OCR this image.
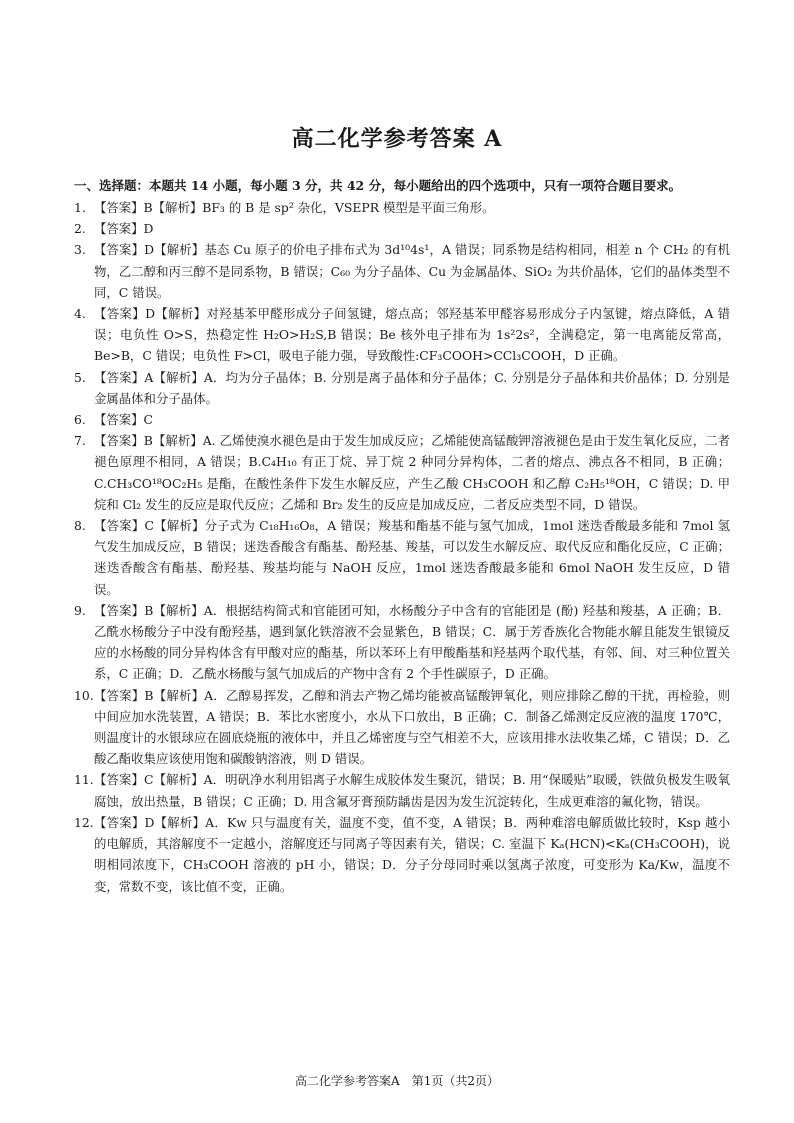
高二化学参考答案 A
一、选择题：本题共 14 小题，每小题 3 分，共 42 分，每小题给出的四个选项中，只有一项符合题目要求。
1. 【答案】B【解析】BF₃ 的 B 是 sp² 杂化，VSEPR 模型是平面三角形。
2. 【答案】D
3. 【答案】D【解析】基态 Cu 原子的价电子排布式为 3d¹⁰4s¹，A 错误；同系物是结构相同，相差 n 个 CH₂ 的有机物，乙二醇和丙三醇不是同系物，B 错误；C₆₀ 为分子晶体、Cu 为金属晶体、SiO₂ 为共价晶体，它们的晶体类型不同，C 错误。
4. 【答案】D【解析】对羟基苯甲醛形成分子间氢键，熔点高；邻羟基苯甲醛容易形成分子内氢键，熔点降低，A 错误；电负性 O>S，热稳定性 H₂O>H₂S,B 错误；Be 核外电子排布为 1s²2s²，全满稳定，第一电离能反常高，Be>B，C 错误；电负性 F>Cl，吸电子能力强，导致酸性:CF₃COOH>CCl₃COOH，D 正确。
5. 【答案】A【解析】A．均为分子晶体；B. 分别是离子晶体和分子晶体；C. 分别是分子晶体和共价晶体；D. 分别是金属晶体和分子晶体。
6. 【答案】C
7. 【答案】B【解析】A. 乙烯使溴水褪色是由于发生加成反应；乙烯能使高锰酸钾溶液褪色是由于发生氧化反应，二者褪色原理不相同，A 错误；B.C₄H₁₀ 有正丁烷、异丁烷 2 种同分异构体，二者的熔点、沸点各不相同，B 正确；C.CH₃CO¹⁸OC₂H₅ 是酯，在酸性条件下发生水解反应，产生乙酸 CH₃COOH 和乙醇 C₂H₅¹⁸OH，C 错误；D. 甲烷和 Cl₂ 发生的反应是取代反应；乙烯和 Br₂ 发生的反应是加成反应，二者反应类型不同，D 错误。
8. 【答案】C【解析】分子式为 C₁₈H₁₆O₈，A 错误；羧基和酯基不能与氢气加成，1mol 迷迭香酸最多能和 7mol 氢气发生加成反应，B 错误；迷迭香酸含有酯基、酚羟基、羧基，可以发生水解反应、取代反应和酯化反应，C 正确；迷迭香酸含有酯基、酚羟基、羧基均能与 NaOH 反应，1mol 迷迭香酸最多能和 6mol NaOH 发生反应，D 错误。
9. 【答案】B【解析】A．根据结构简式和官能团可知，水杨酸分子中含有的官能团是 (酚) 羟基和羧基，A 正确；B．乙酰水杨酸分子中没有酚羟基，遇到氯化铁溶液不会显紫色，B 错误；C．属于芳香族化合物能水解且能发生银镜反应的水杨酸的同分异构体含有甲酸对应的酯基，所以苯环上有甲酸酯基和羟基两个取代基，有邻、间、对三种位置关系，C 正确；D．乙酰水杨酸与氢气加成后的产物中含有 2 个手性碳原子，D 正确。
10. 【答案】B【解析】A．乙醇易挥发，乙醇和消去产物乙烯均能被高锰酸钾氧化，则应排除乙醇的干扰，再检验，则中间应加水洗装置，A 错误；B．苯比水密度小，水从下口放出，B 正确；C．制备乙烯测定反应液的温度 170℃，则温度计的水银球应在圆底烧瓶的液体中，并且乙烯密度与空气相差不大，应该用排水法收集乙烯，C 错误；D．乙酸乙酯收集应该使用饱和碳酸钠溶液，则 D 错误。
11. 【答案】C【解析】A．明矾净水利用铝离子水解生成胶体发生聚沉，错误；B. 用“保暖贴”取暖，铁做负极发生吸氧腐蚀，放出热量，B 错误；C 正确；D. 用含氟牙膏预防龋齿是因为发生沉淀转化，生成更难溶的氟化物，错误。
12. 【答案】D【解析】A．Kw 只与温度有关，温度不变，值不变，A 错误；B．两种难溶电解质做比较时，Ksp 越小的电解质，其溶解度不一定越小，溶解度还与同离子等因素有关，错误；C. 室温下 Kₐ(HCN)<Kₐ(CH₃COOH)，说明相同浓度下，CH₃COOH 溶液的 pH 小，错误；D．分子分母同时乘以氢离子浓度，可变形为 Ka/Kw，温度不变，常数不变，该比值不变，正确。
高二化学参考答案A　第1页（共2页）
